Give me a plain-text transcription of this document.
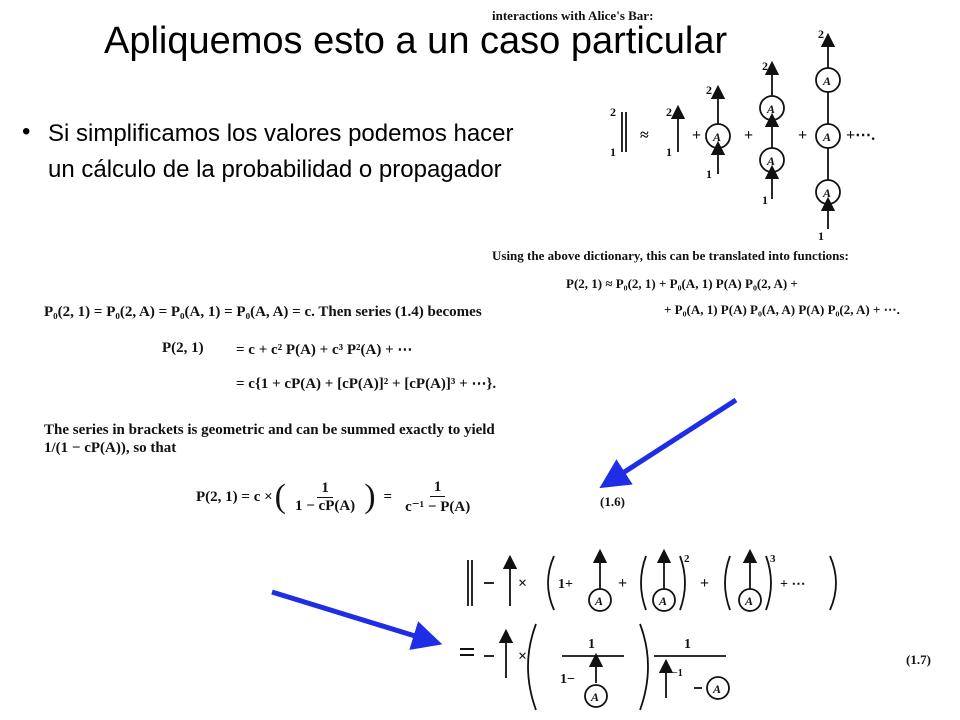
Apliquemos esto a un caso particular
• Si simplificamos los valores podemos hacer un cálculo de la probabilidad o propagador
interactions with Alice's Bar:
2
1
≈
2
1
+
2
1
A +
2
1
A
A
+
2
1
A
A
A
+⋯.
Using the above dictionary, this can be translated into functions:
P(2, 1) ≈ P₀(2, 1) + P₀(A, 1) P(A) P₀(2, A) +
+ P₀(A, 1) P(A) P₀(A, A) P(A) P₀(2, A) + ⋯.
P₀(2, 1) = P₀(2, A) = P₀(A, 1) = P₀(A, A) = c. Then series (1.4) becomes
P(2, 1) = c + c² P(A) + c³ P²(A) + ⋯
= c{1 + cP(A) + [cP(A)]² + [cP(A)]³ + ⋯}.
The series in brackets is geometric and can be summed exactly to yield
1/(1 − cP(A)), so that
P(2, 1) = c × ( $\frac{1}{1 - cP(A)}$ ) = $\frac{1}{\text{c⁻¹ − P(A)}}$	(1.6)
× 1+	+
2
+
3
+ ⋯
A	A	A
×
1
1−
A
1
−1
A
(1.7)
